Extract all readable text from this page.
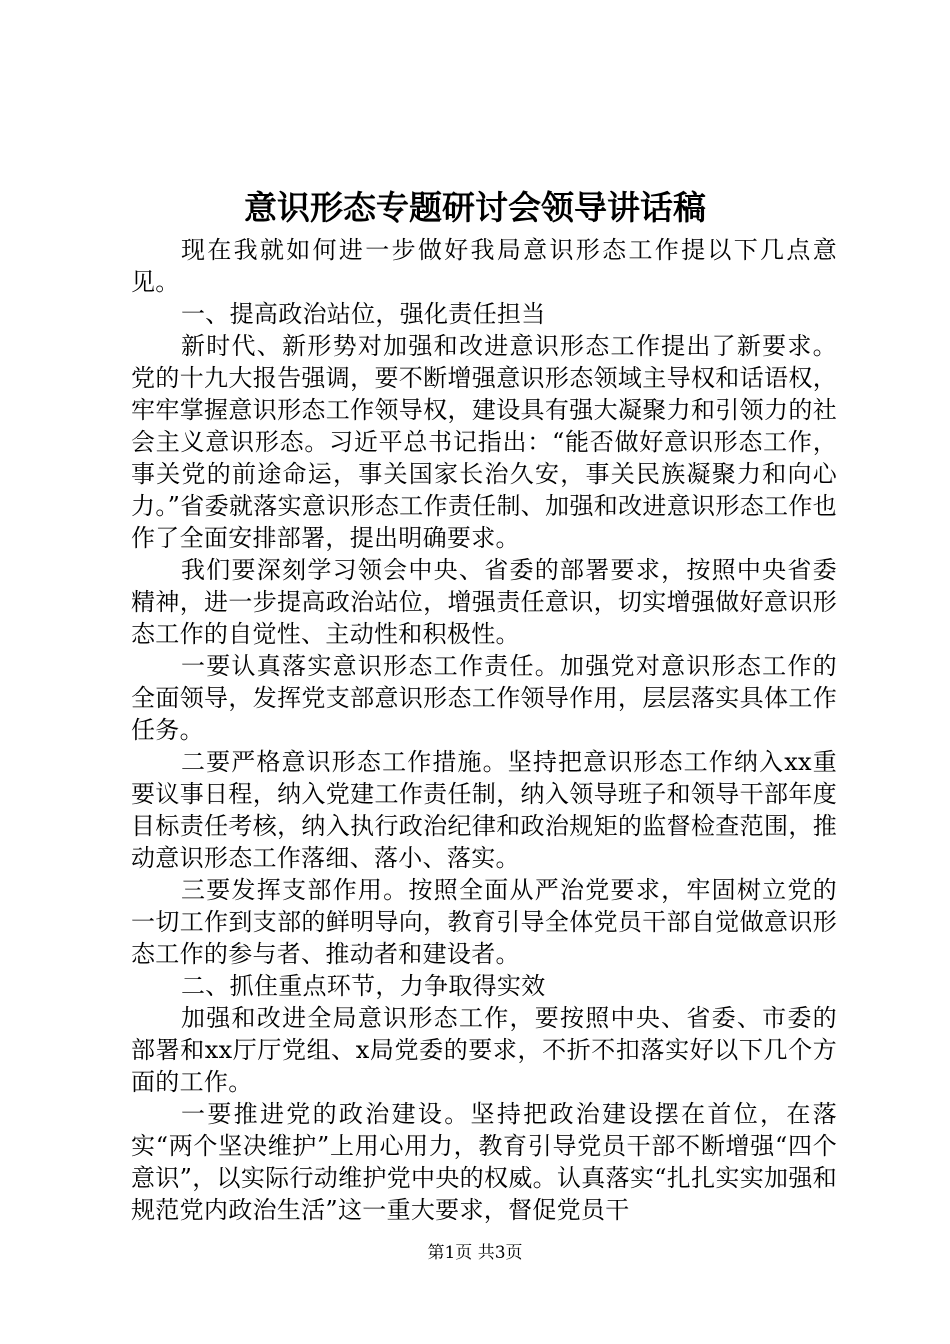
意识形态专题研讨会领导讲话稿

现在我就如何进一步做好我局意识形态工作提以下几点意见。

一、提高政治站位，强化责任担当

新时代、新形势对加强和改进意识形态工作提出了新要求。党的十九大报告强调，要不断增强意识形态领域主导权和话语权，牢牢掌握意识形态工作领导权，建设具有强大凝聚力和引领力的社会主义意识形态。习近平总书记指出：“能否做好意识形态工作，事关党的前途命运，事关国家长治久安，事关民族凝聚力和向心力。”省委就落实意识形态工作责任制、加强和改进意识形态工作也作了全面安排部署，提出明确要求。

我们要深刻学习领会中央、省委的部署要求，按照中央省委精神，进一步提高政治站位，增强责任意识，切实增强做好意识形态工作的自觉性、主动性和积极性。

一要认真落实意识形态工作责任。加强党对意识形态工作的全面领导，发挥党支部意识形态工作领导作用，层层落实具体工作任务。

二要严格意识形态工作措施。坚持把意识形态工作纳入xx重要议事日程，纳入党建工作责任制，纳入领导班子和领导干部年度目标责任考核，纳入执行政治纪律和政治规矩的监督检查范围，推动意识形态工作落细、落小、落实。

三要发挥支部作用。按照全面从严治党要求，牢固树立党的一切工作到支部的鲜明导向，教育引导全体党员干部自觉做意识形态工作的参与者、推动者和建设者。

二、抓住重点环节，力争取得实效

加强和改进全局意识形态工作，要按照中央、省委、市委的部署和xx厅厅党组、x局党委的要求，不折不扣落实好以下几个方面的工作。

一要推进党的政治建设。坚持把政治建设摆在首位，在落实“两个坚决维护”上用心用力，教育引导党员干部不断增强“四个意识”，以实际行动维护党中央的权威。认真落实“扎扎实实加强和规范党内政治生活”这一重大要求，督促党员干

第1页 共3页
